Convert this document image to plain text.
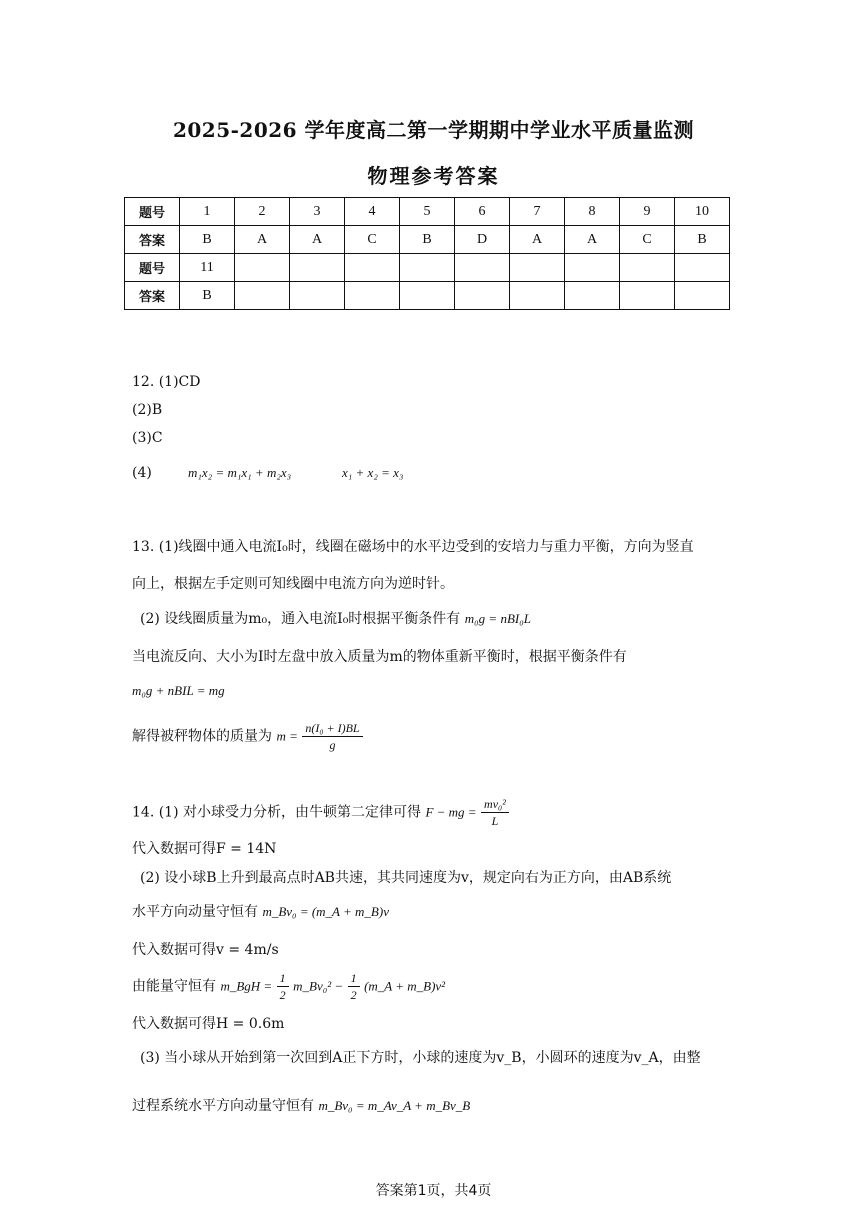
2025-2026 学年度高二第一学期期中学业水平质量监测
物理参考答案
题号	1	2	3	4	5	6	7	8	9	10
答案	B	A	A	C	B	D	A	A	C	B
题号	11									
答案	B									
12. (1)CD
(2)B
(3)C
(4)	m₁x₂ = m₁x₁ + m₂x₃	x₁ + x₂ = x₃
13. (1)线圈中通入电流I₀时，线圈在磁场中的水平边受到的安培力与重力平衡，方向为竖直
向上，根据左手定则可知线圈中电流方向为逆时针。
(2) 设线圈质量为m₀，通入电流I₀时根据平衡条件有 m₀g = nBI₀L
当电流反向、大小为I时左盘中放入质量为m的物体重新平衡时，根据平衡条件有
m₀g + nBIL = mg
解得被秤物体的质量为 $m = \frac{\text{n(I₀ + I)BL}}{g}$
14. (1) 对小球受力分析，由牛顿第二定律可得 F − mg = $\frac{\text{mv₀²}}{L}$
代入数据可得F = 14N
(2) 设小球B上升到最高点时AB共速，其共同速度为v，规定向右为正方向，由AB系统
水平方向动量守恒有 m_Bv₀ = (m_A + m_B)v
代入数据可得v = 4m/s
由能量守恒有 m_BgH = $\frac{1}{2}$ m_Bv₀² − $\frac{1}{2}$ (m_A + m_B)v²
代入数据可得H = 0.6m
(3) 当小球从开始到第一次回到A正下方时，小球的速度为v_B，小圆环的速度为v_A，由整
过程系统水平方向动量守恒有 m_Bv₀ = m_Av_A + m_Bv_B
答案第1页，共4页
